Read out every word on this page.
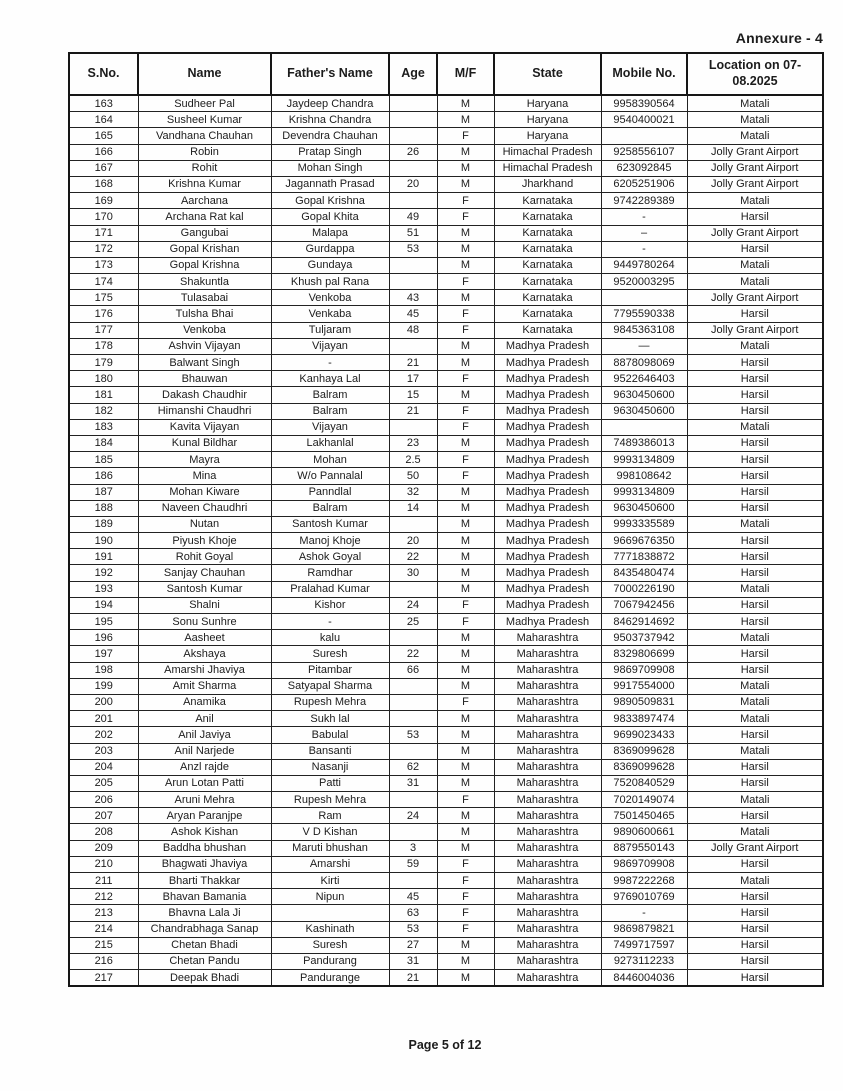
Annexure - 4
S.No.	Name	Father's Name	Age	M/F	State	Mobile No.	Location on 07-08.2025
163	Sudheer Pal	Jaydeep Chandra		M	Haryana	9958390564	Matali
164	Susheel Kumar	Krishna Chandra		M	Haryana	9540400021	Matali
165	Vandhana Chauhan	Devendra Chauhan		F	Haryana		Matali
166	Robin	Pratap Singh	26	M	Himachal Pradesh	9258556107	Jolly Grant Airport
167	Rohit	Mohan Singh		M	Himachal Pradesh	623092845	Jolly Grant Airport
168	Krishna Kumar	Jagannath Prasad	20	M	Jharkhand	6205251906	Jolly Grant Airport
169	Aarchana	Gopal Krishna		F	Karnataka	9742289389	Matali
170	Archana Rat kal	Gopal Khita	49	F	Karnataka	-	Harsil
171	Gangubai	Malapa	51	M	Karnataka	–	Jolly Grant Airport
172	Gopal Krishan	Gurdappa	53	M	Karnataka	-	Harsil
173	Gopal Krishna	Gundaya		M	Karnataka	9449780264	Matali
174	Shakuntla	Khush pal Rana		F	Karnataka	9520003295	Matali
175	Tulasabai	Venkoba	43	M	Karnataka		Jolly Grant Airport
176	Tulsha Bhai	Venkaba	45	F	Karnataka	7795590338	Harsil
177	Venkoba	Tuljaram	48	F	Karnataka	9845363108	Jolly Grant Airport
178	Ashvin Vijayan	Vijayan		M	Madhya Pradesh	—	Matali
179	Balwant Singh	-	21	M	Madhya Pradesh	8878098069	Harsil
180	Bhauwan	Kanhaya Lal	17	F	Madhya Pradesh	9522646403	Harsil
181	Dakash Chaudhir	Balram	15	M	Madhya Pradesh	9630450600	Harsil
182	Himanshi Chaudhri	Balram	21	F	Madhya Pradesh	9630450600	Harsil
183	Kavita Vijayan	Vijayan		F	Madhya Pradesh		Matali
184	Kunal Bildhar	Lakhanlal	23	M	Madhya Pradesh	7489386013	Harsil
185	Mayra	Mohan	2.5	F	Madhya Pradesh	9993134809	Harsil
186	Mina	W/o Pannalal	50	F	Madhya Pradesh	998108642	Harsil
187	Mohan Kiware	Panndlal	32	M	Madhya Pradesh	9993134809	Harsil
188	Naveen Chaudhri	Balram	14	M	Madhya Pradesh	9630450600	Harsil
189	Nutan	Santosh Kumar		M	Madhya Pradesh	9993335589	Matali
190	Piyush Khoje	Manoj Khoje	20	M	Madhya Pradesh	9669676350	Harsil
191	Rohit Goyal	Ashok Goyal	22	M	Madhya Pradesh	7771838872	Harsil
192	Sanjay Chauhan	Ramdhar	30	M	Madhya Pradesh	8435480474	Harsil
193	Santosh Kumar	Pralahad Kumar		M	Madhya Pradesh	7000226190	Matali
194	Shalni	Kishor	24	F	Madhya Pradesh	7067942456	Harsil
195	Sonu Sunhre	-	25	F	Madhya Pradesh	8462914692	Harsil
196	Aasheet	kalu		M	Maharashtra	9503737942	Matali
197	Akshaya	Suresh	22	M	Maharashtra	8329806699	Harsil
198	Amarshi Jhaviya	Pitambar	66	M	Maharashtra	9869709908	Harsil
199	Amit Sharma	Satyapal Sharma		M	Maharashtra	9917554000	Matali
200	Anamika	Rupesh Mehra		F	Maharashtra	9890509831	Matali
201	Anil	Sukh lal		M	Maharashtra	9833897474	Matali
202	Anil Javiya	Babulal	53	M	Maharashtra	9699023433	Harsil
203	Anil Narjede	Bansanti		M	Maharashtra	8369099628	Matali
204	Anzl rajde	Nasanji	62	M	Maharashtra	8369099628	Harsil
205	Arun Lotan Patti	Patti	31	M	Maharashtra	7520840529	Harsil
206	Aruni Mehra	Rupesh Mehra		F	Maharashtra	7020149074	Matali
207	Aryan Paranjpe	Ram	24	M	Maharashtra	7501450465	Harsil
208	Ashok Kishan	V D Kishan		M	Maharashtra	9890600661	Matali
209	Baddha bhushan	Maruti bhushan	3	M	Maharashtra	8879550143	Jolly Grant Airport
210	Bhagwati Jhaviya	Amarshi	59	F	Maharashtra	9869709908	Harsil
211	Bharti Thakkar	Kirti		F	Maharashtra	9987222268	Matali
212	Bhavan Bamania	Nipun	45	F	Maharashtra	9769010769	Harsil
213	Bhavna Lala Ji		63	F	Maharashtra	-	Harsil
214	Chandrabhaga Sanap	Kashinath	53	F	Maharashtra	9869879821	Harsil
215	Chetan Bhadi	Suresh	27	M	Maharashtra	7499717597	Harsil
216	Chetan Pandu	Pandurang	31	M	Maharashtra	9273112233	Harsil
217	Deepak Bhadi	Pandurange	21	M	Maharashtra	8446004036	Harsil
Page 5 of 12
